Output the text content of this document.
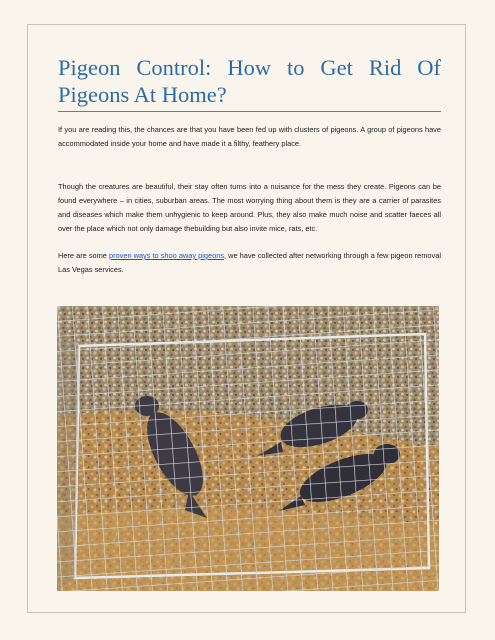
Pigeon Control: How to Get Rid Of Pigeons At Home?

If you are reading this, the chances are that you have been fed up with clusters of pigeons. A group of pigeons have accommodated inside your home and have made it a filthy, feathery place.

Though the creatures are beautiful, their stay often turns into a nuisance for the mess they create. Pigeons can be found everywhere – in cities, suburban areas. The most worrying thing about them is they are a carrier of parasites and diseases which make them unhygienic to keep around. Plus, they also make much noise and scatter faeces all over the place which not only damage thebuilding but also invite mice, rats, etc.

Here are some proven ways to shoo away pigeons, we have collected after networking through a few pigeon removal Las Vegas services.
